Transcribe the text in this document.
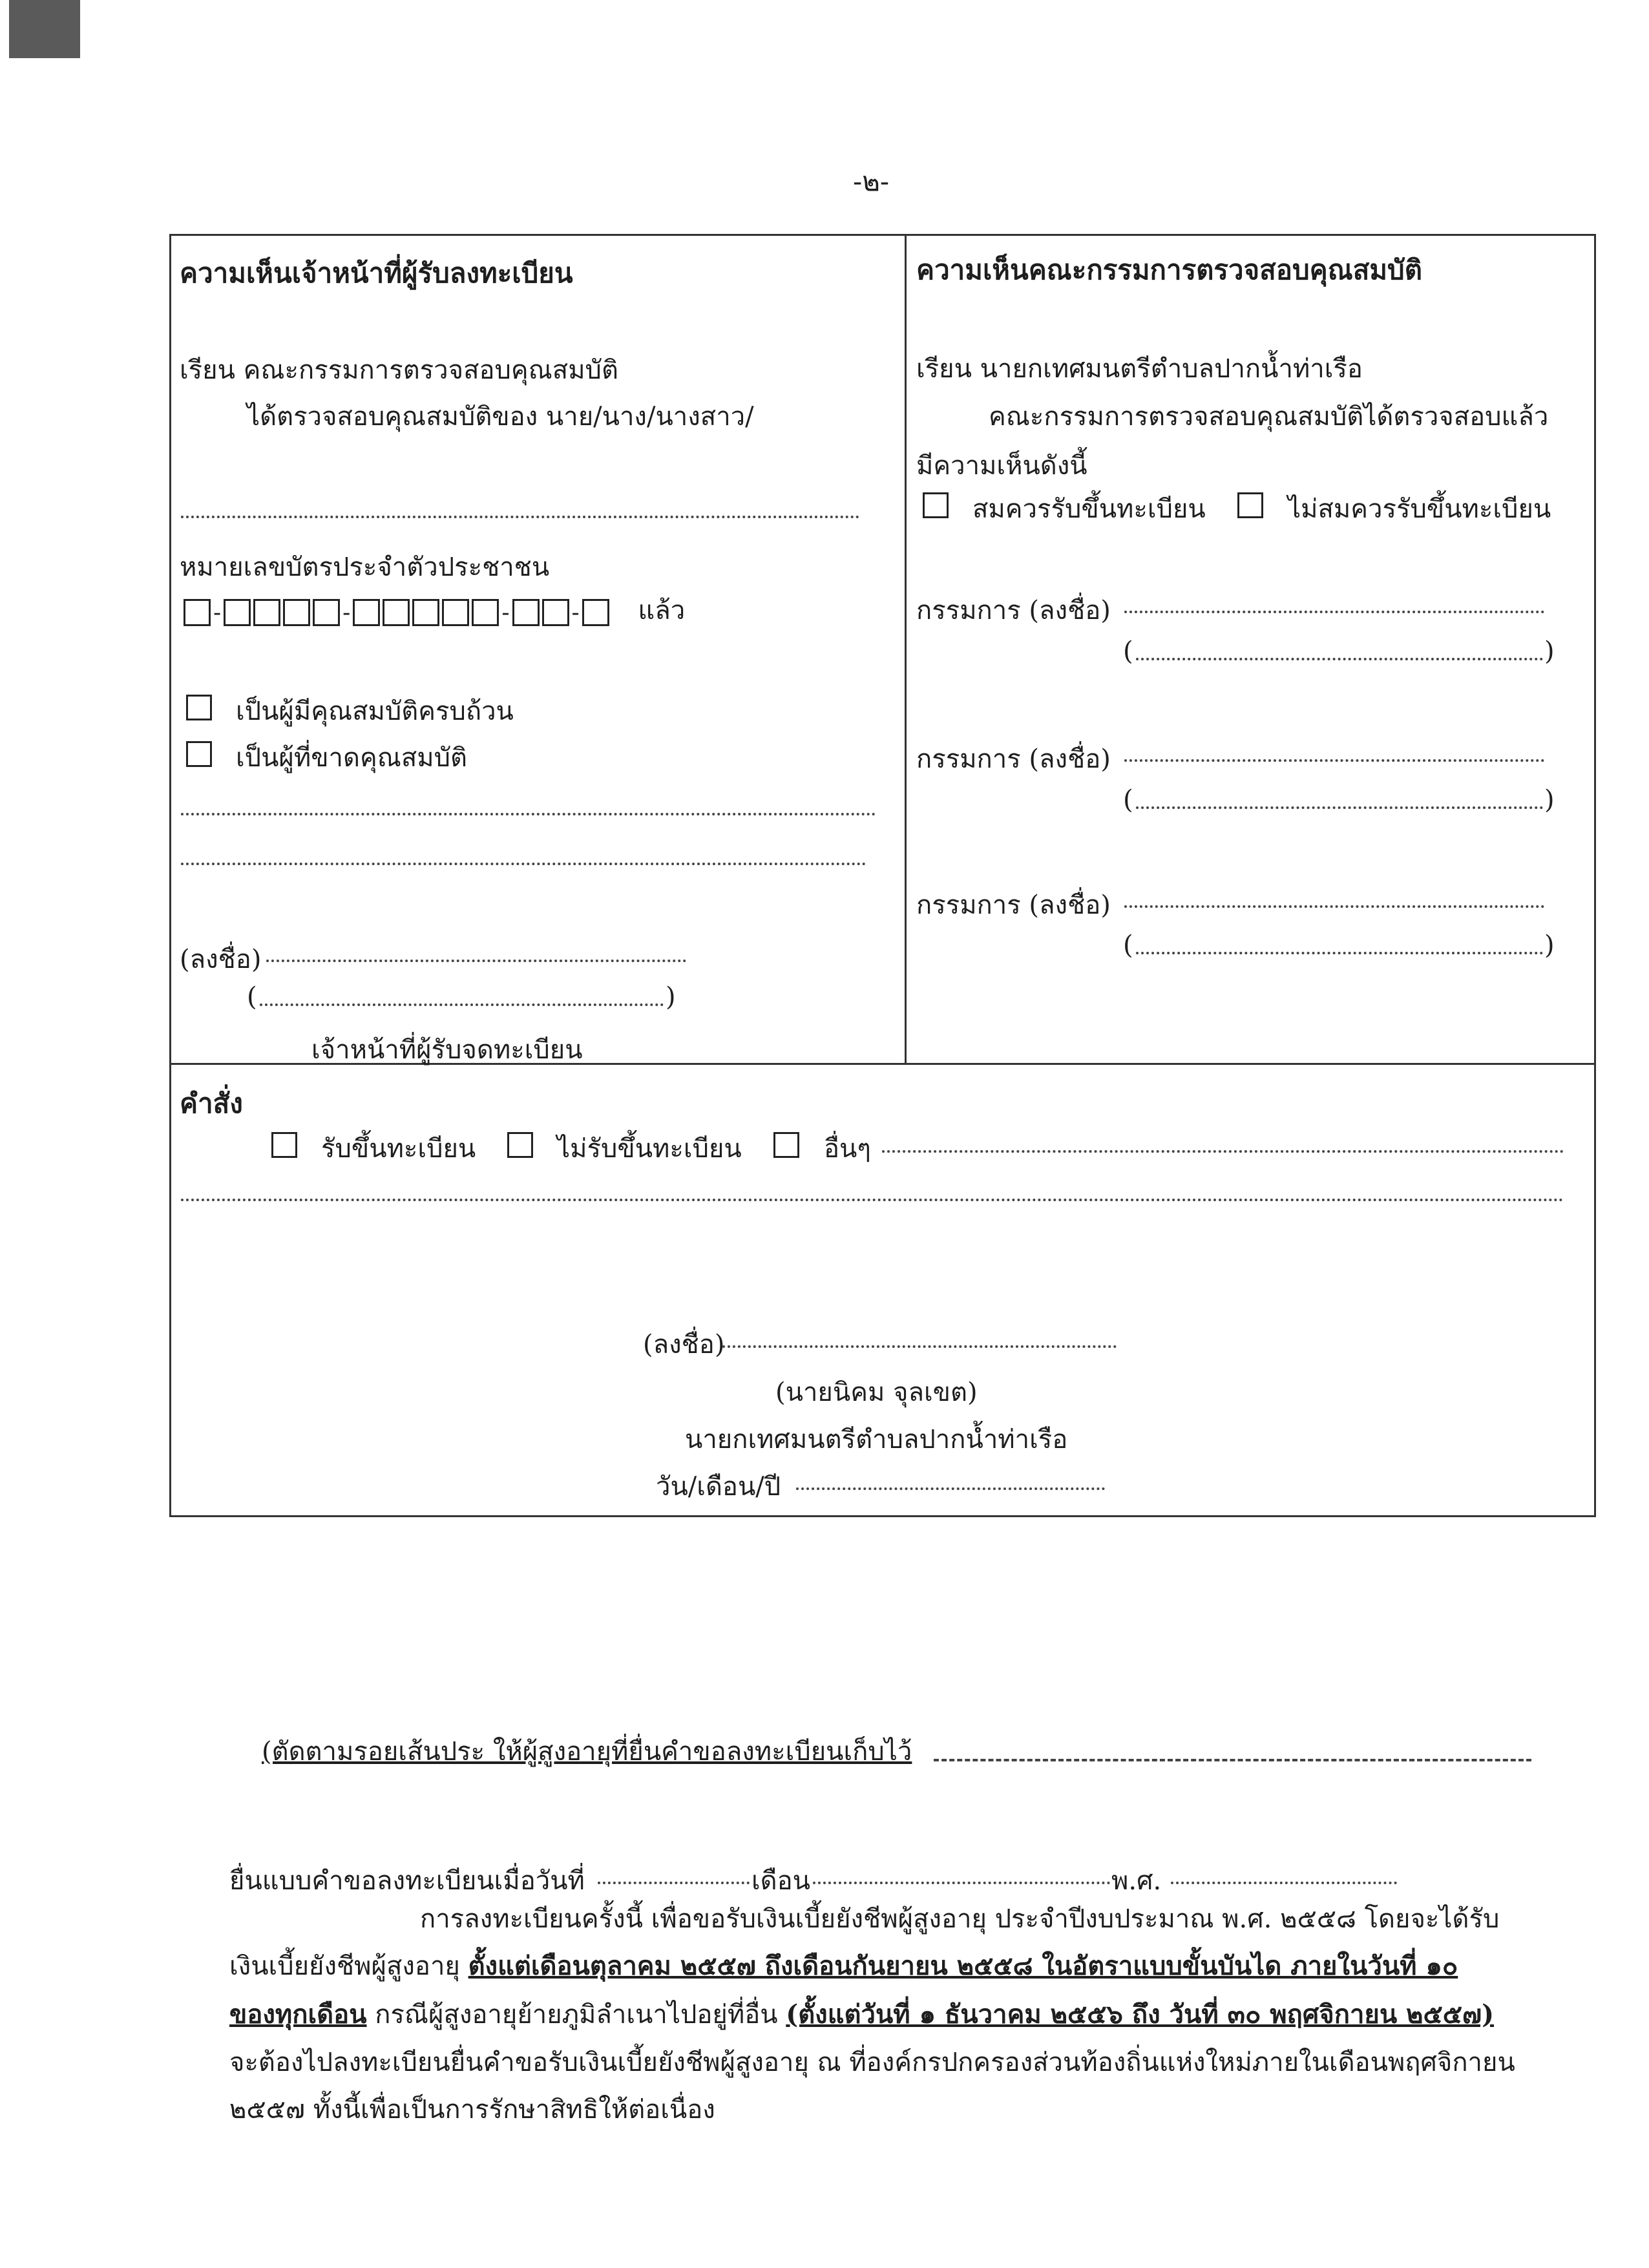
-๒-
ความเห็นเจ้าหน้าที่ผู้รับลงทะเบียน
เรียน คณะกรรมการตรวจสอบคุณสมบัติ
ได้ตรวจสอบคุณสมบัติของ นาย/นาง/นางสาว/
หมายเลขบัตรประจำตัวประชาชน
-	-	-	- แล้ว
เป็นผู้มีคุณสมบัติครบถ้วน
เป็นผู้ที่ขาดคุณสมบัติ
(ลงชื่อ)
(	)
เจ้าหน้าที่ผู้รับจดทะเบียน
ความเห็นคณะกรรมการตรวจสอบคุณสมบัติ
เรียน นายกเทศมนตรีตำบลปากน้ำท่าเรือ
คณะกรรมการตรวจสอบคุณสมบัติได้ตรวจสอบแล้ว
มีความเห็นดังนี้
สมควรรับขึ้นทะเบียน	ไม่สมควรรับขึ้นทะเบียน
กรรมการ (ลงชื่อ)
(	)
กรรมการ (ลงชื่อ)
(	)
กรรมการ (ลงชื่อ)
(	)
คำสั่ง
รับขึ้นทะเบียน	ไม่รับขึ้นทะเบียน	อื่นๆ
(ลงชื่อ)
(นายนิคม จุลเขต)
นายกเทศมนตรีตำบลปากน้ำท่าเรือ
วัน/เดือน/ปี
(ตัดตามรอยเส้นประ ให้ผู้สูงอายุที่ยื่นคำขอลงทะเบียนเก็บไว้
ยื่นแบบคำขอลงทะเบียนเมื่อวันที่	เดือน	พ.ศ.
การลงทะเบียนครั้งนี้ เพื่อขอรับเงินเบี้ยยังชีพผู้สูงอายุ ประจำปีงบประมาณ พ.ศ. ๒๕๕๘ โดยจะได้รับ
เงินเบี้ยยังชีพผู้สูงอายุ ตั้งแต่เดือนตุลาคม ๒๕๕๗ ถึงเดือนกันยายน ๒๕๕๘ ในอัตราแบบขั้นบันได ภายในวันที่ ๑๐
ของทุกเดือน กรณีผู้สูงอายุย้ายภูมิลำเนาไปอยู่ที่อื่น (ตั้งแต่วันที่ ๑ ธันวาคม ๒๕๕๖ ถึง วันที่ ๓๐ พฤศจิกายน ๒๕๕๗)
จะต้องไปลงทะเบียนยื่นคำขอรับเงินเบี้ยยังชีพผู้สูงอายุ ณ ที่องค์กรปกครองส่วนท้องถิ่นแห่งใหม่ภายในเดือนพฤศจิกายน
๒๕๕๗ ทั้งนี้เพื่อเป็นการรักษาสิทธิให้ต่อเนื่อง
